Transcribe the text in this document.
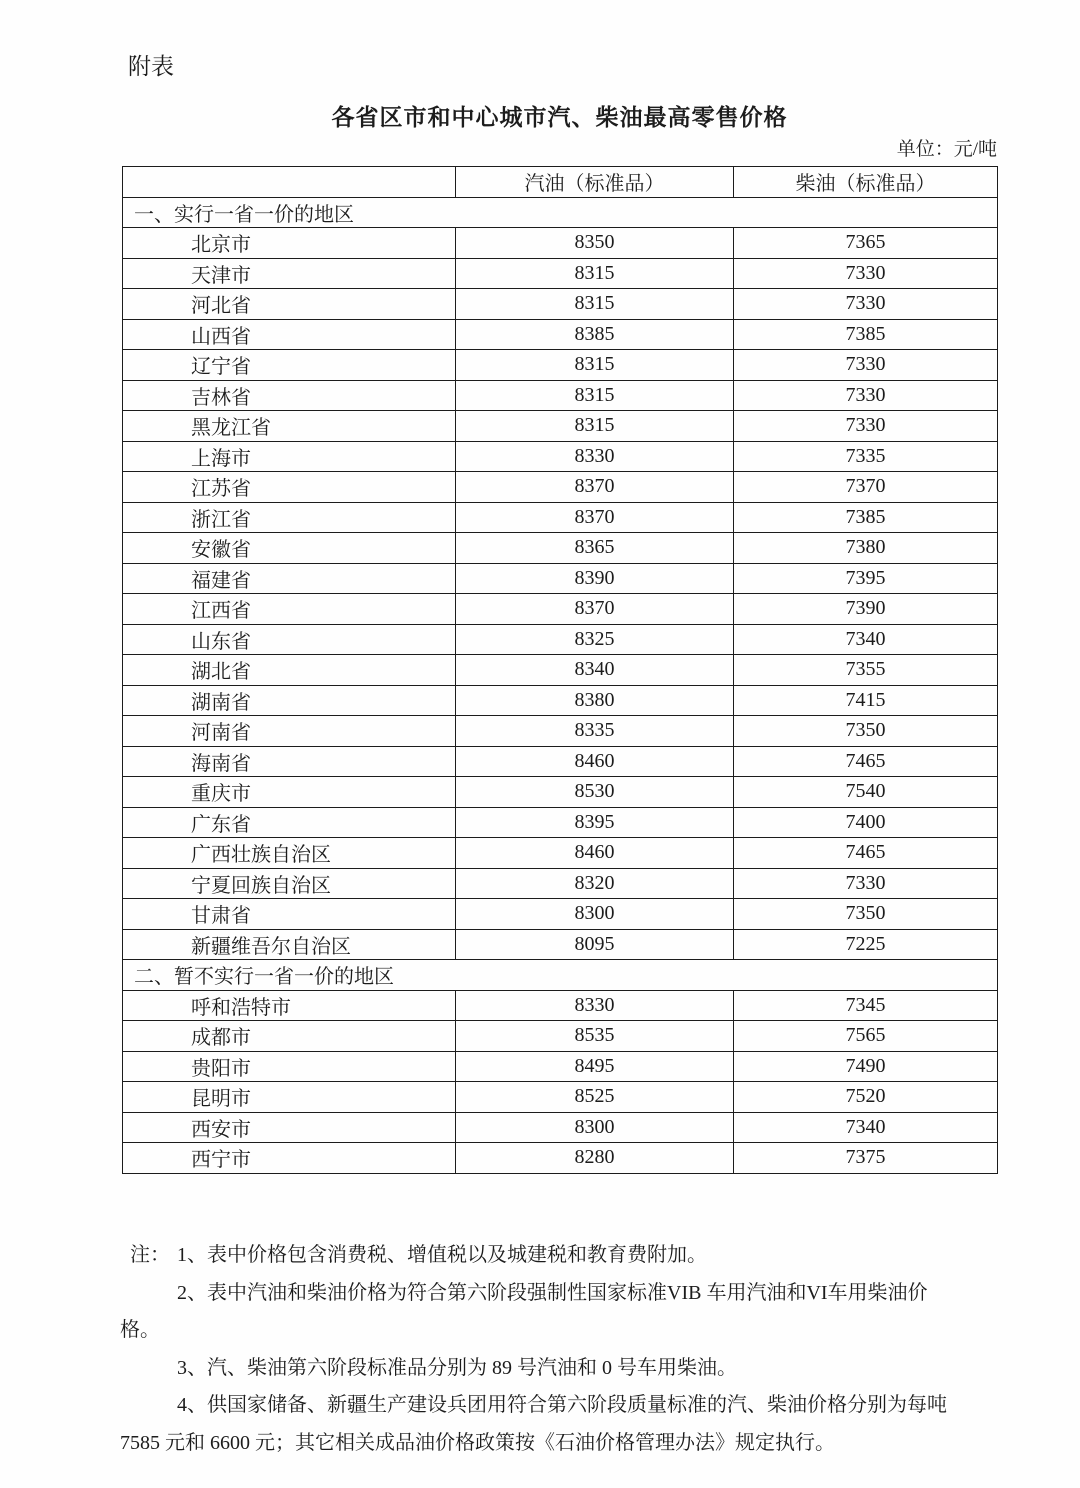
附表
各省区市和中心城市汽、柴油最高零售价格
单位：元/吨
	汽油（标准品）	柴油（标准品）
一、实行一省一价的地区		
北京市	8350	7365
天津市	8315	7330
河北省	8315	7330
山西省	8385	7385
辽宁省	8315	7330
吉林省	8315	7330
黑龙江省	8315	7330
上海市	8330	7335
江苏省	8370	7370
浙江省	8370	7385
安徽省	8365	7380
福建省	8390	7395
江西省	8370	7390
山东省	8325	7340
湖北省	8340	7355
湖南省	8380	7415
河南省	8335	7350
海南省	8460	7465
重庆市	8530	7540
广东省	8395	7400
广西壮族自治区	8460	7465
宁夏回族自治区	8320	7330
甘肃省	8300	7350
新疆维吾尔自治区	8095	7225
二、暂不实行一省一价的地区		
呼和浩特市	8330	7345
成都市	8535	7565
贵阳市	8495	7490
昆明市	8525	7520
西安市	8300	7340
西宁市	8280	7375
注： 1、表中价格包含消费税、增值税以及城建税和教育费附加。
2、表中汽油和柴油价格为符合第六阶段强制性国家标准VIB 车用汽油和VI车用柴油价格。
3、汽、柴油第六阶段标准品分别为 89 号汽油和 0 号车用柴油。
4、供国家储备、新疆生产建设兵团用符合第六阶段质量标准的汽、柴油价格分别为每吨 7585 元和 6600 元；其它相关成品油价格政策按《石油价格管理办法》规定执行。
